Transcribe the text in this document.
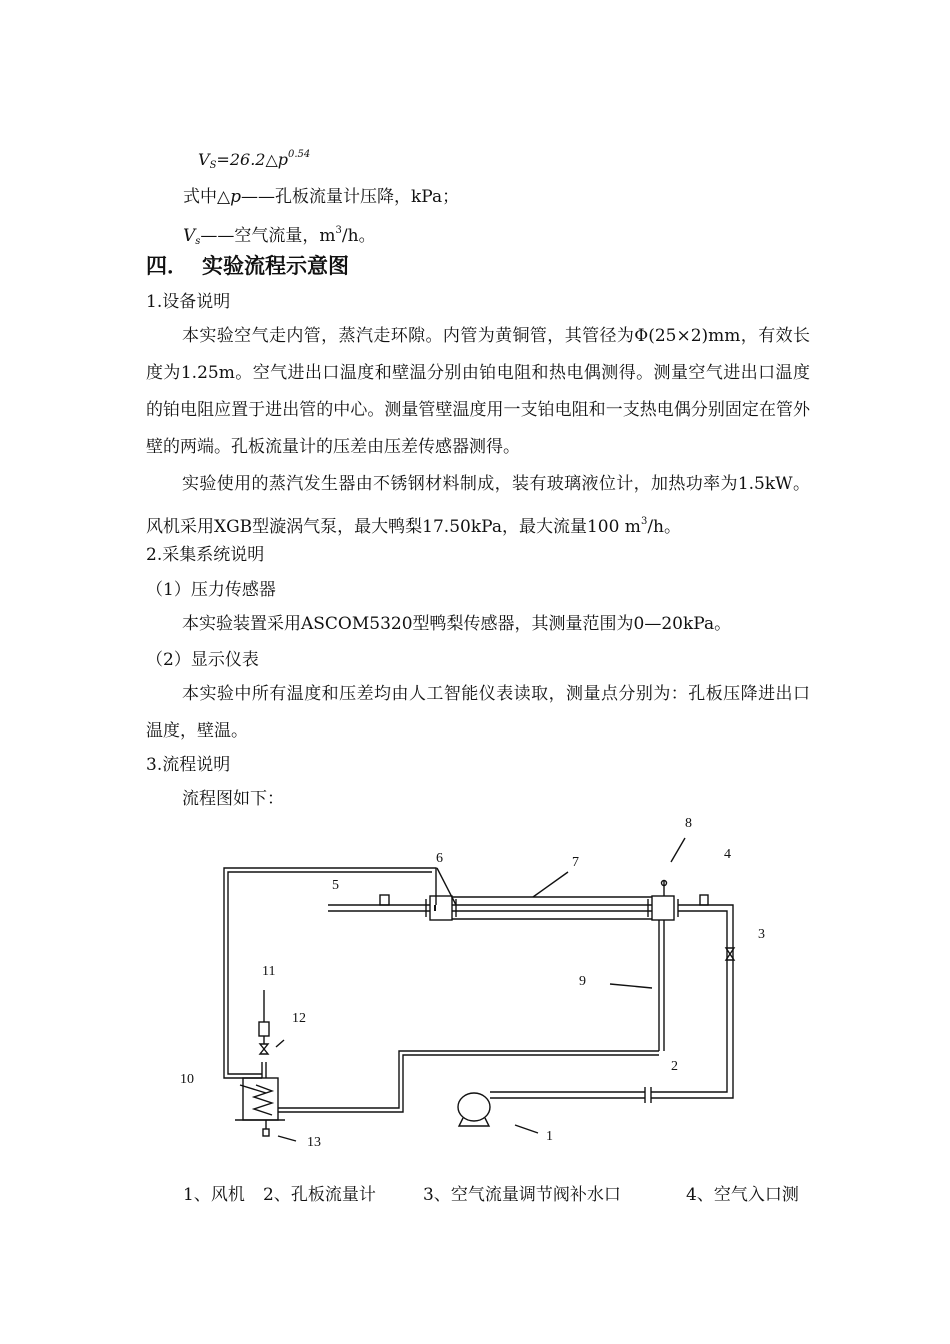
$V_S=26.2\triangle p^{0.54}$
式中△p——孔板流量计压降，kPa；
$V_s——$空气流量，$m^3/h$。
四． 实验流程示意图
1.设备说明
本实验空气走内管，蒸汽走环隙。内管为黄铜管，其管径为Φ(25×2)mm，有效长度为1.25m。空气进出口温度和壁温分别由铂电阻和热电偶测得。测量空气进出口温度的铂电阻应置于进出管的中心。测量管壁温度用一支铂电阻和一支热电偶分别固定在管外壁的两端。孔板流量计的压差由压差传感器测得。
实验使用的蒸汽发生器由不锈钢材料制成，装有玻璃液位计，加热功率为1.5kW。风机采用XGB型漩涡气泵，最大鸭梨17.50kPa，最大流量100 $m^3/h$。
2.采集系统说明
（1）压力传感器
本实验装置采用ASCOM5320型鸭梨传感器，其测量范围为0—20kPa。
（2）显示仪表
本实验中所有温度和压差均由人工智能仪表读取，测量点分别为：孔板压降进出口温度，壁温。
3.流程说明
流程图如下：
5
6	7
8
4
3
9
2
1
11
12
10
13
1、风机 2、孔板流量计	3、空气流量调节阀补水口	4、空气入口测
